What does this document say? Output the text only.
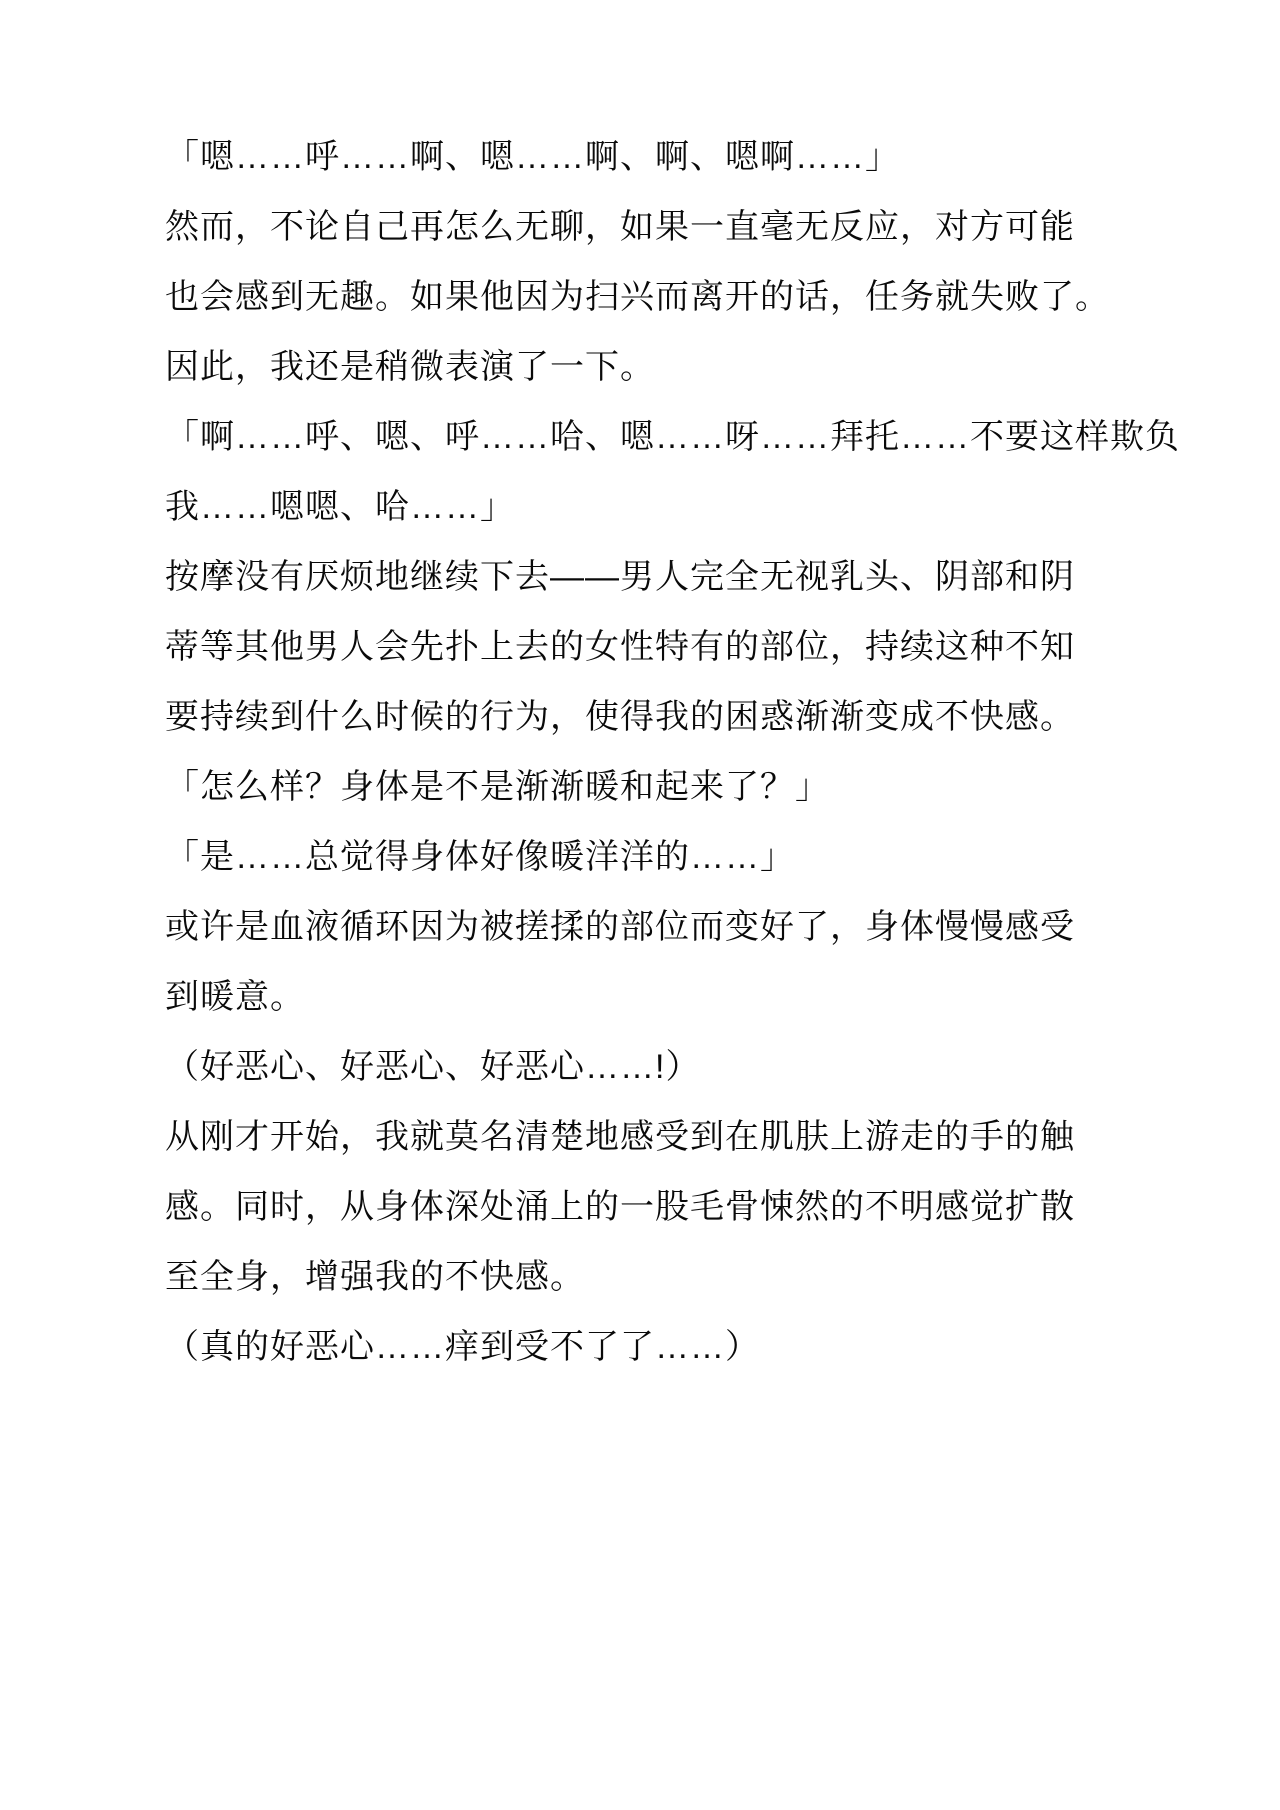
「嗯……呼……啊、嗯……啊、啊、嗯啊……」

然而，不论自己再怎么无聊，如果一直毫无反应，对方可能

也会感到无趣。如果他因为扫兴而离开的话，任务就失败了。

因此，我还是稍微表演了一下。

「啊……呼、嗯、呼……哈、嗯……呀……拜托……不要这样欺负

我……嗯嗯、哈……」

按摩没有厌烦地继续下去——男人完全无视乳头、阴部和阴

蒂等其他男人会先扑上去的女性特有的部位，持续这种不知

要持续到什么时候的行为，使得我的困惑渐渐变成不快感。

「怎么样？身体是不是渐渐暖和起来了？」

「是……总觉得身体好像暖洋洋的……」

或许是血液循环因为被搓揉的部位而变好了，身体慢慢感受

到暖意。

（好恶心、好恶心、好恶心……!）

从刚才开始，我就莫名清楚地感受到在肌肤上游走的手的触

感。同时，从身体深处涌上的一股毛骨悚然的不明感觉扩散

至全身，增强我的不快感。

（真的好恶心……痒到受不了了……）
